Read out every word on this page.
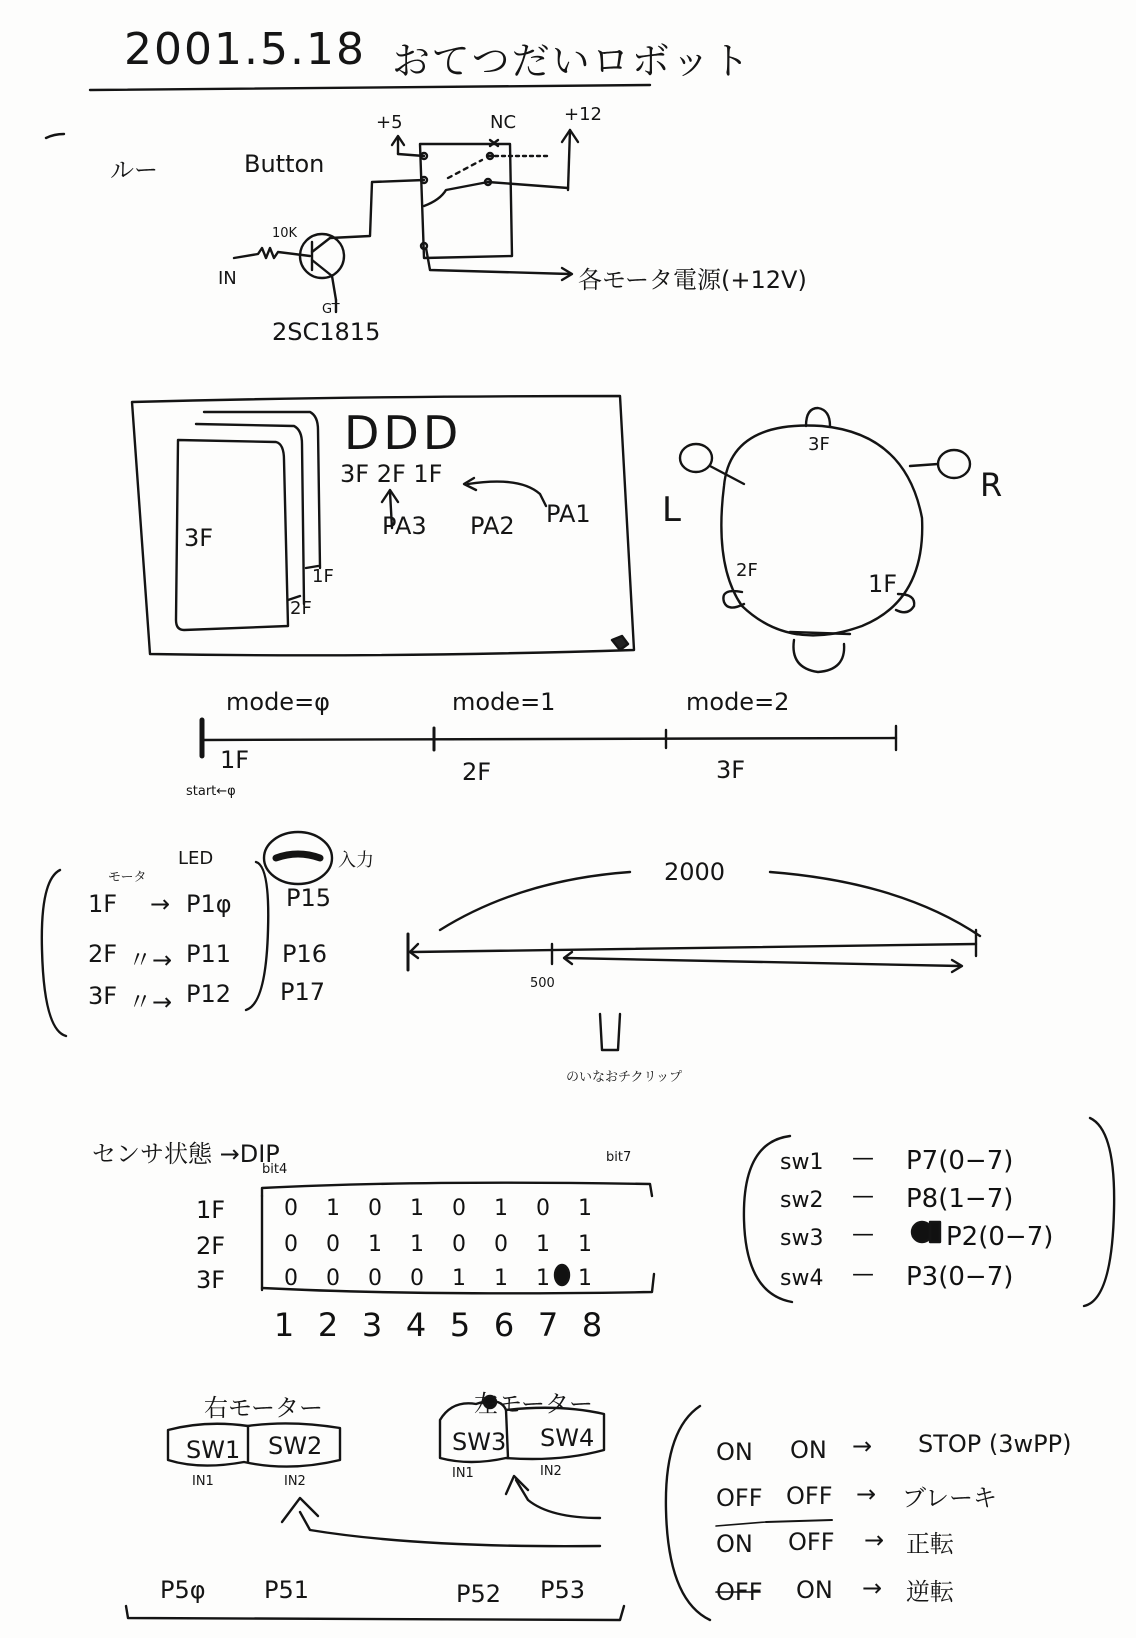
2001.5.18 おてつだいロボット
ルー	Button
+5	NC	+12
10K
IN
GT
2SC1815
各モータ電源(+12V)
DDD
3F 2F 1F
PA3 PA2 PA1
3F
2F
1F
L
R
3F
2F	1F
mode=φ	mode=1	mode=2
1F	2F	3F
start←φ
LED	入力
モータ
1F → P1φ P15
2F 〃→ P11 P16
3F 〃→ P12 P17
2000
500
のいなおチクリップ
センサ状態 →DIP
bit4
bit7
1F	0	1	0	1	0	1	0	1
2F	0	0	1	1	0	0	1	1
3F	0	0	0	0	1	1	1	1
1 2 3 4 5 6 7 8
sw1 — P7(0−7)
sw2 — P8(1−7)
sw3 —	P2(0−7)
sw4 — P3(0−7)
右モーター	左モーター
SW1 SW2	SW3 SW4
IN1	IN2
IN1	IN2
P5φ P51	P52 P53
ON ON → STOP (3wPP)
OFF OFF → ブレーキ
ON OFF → 正転
OFF ON → 逆転
